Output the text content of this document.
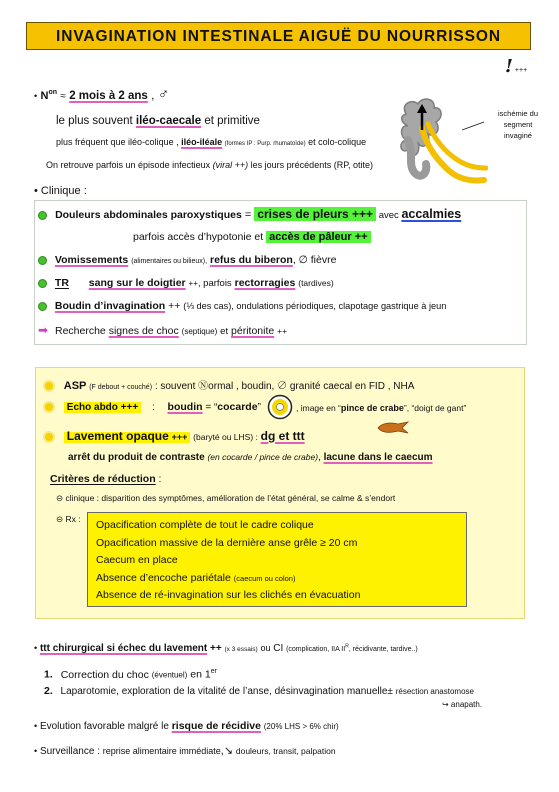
INVAGINATION INTESTINALE AIGUË DU NOURRISSON
! +++
• $N^{on} \approx 2$ mois à 2 ans , ♂
le plus souvent iléo-caecale et primitive
plus fréquent que iléo-colique , iléo-iléale (formes IP : Purp. rhumatoïde) et colo-colique
On retrouve parfois un épisode infectieux (viral ++) les jours précédents (RP, otite)
ischémie du
segment
invaginé
• Clinique :
Douleurs abdominales paroxystiques = crises de pleurs +++ avec accalmies
parfois accès d’hypotonie et accès de pâleur ++
Vomissements (alimentaires ou bilieux), refus du biberon, ∅ fièvre
TR sang sur le doigtier ++, parfois rectorragies (tardives)
Boudin d’invagination ++ (⅓ des cas), ondulations périodiques, clapotage gastrique à jeun
➡ Recherche signes de choc (septique) et péritonite ++
ASP (F debout + couché) : souvent Ⓝormal , boudin, ∅ granité caecal en FID , NHA
Echo abdo +++ : boudin = “cocarde”	, image en “pince de crabe”, “doigt de gant”
Lavement opaque +++ (baryté ou LHS) : dg et ttt
arrêt du produit de contraste (en cocarde / pince de crabe), lacune dans le caecum
Critères de réduction :
⊝ clinique : disparition des symptômes, amélioration de l’état général, se calme & s’endort
⊝ Rx : Opacification complète de tout le cadre colique
Opacification massive de la dernière anse grêle ≥ 20 cm
Caecum en place
Absence d’encoche pariétale (caecum ou colon)
Absence de ré-invagination sur les clichés en évacuation
• ttt chirurgical si échec du lavement ++ (x 3 essais) ou CI (complication, IIA $II^R$, récidivante, tardive..)
1. Correction du choc (éventuel) en 1er
2. Laparotomie, exploration de la vitalité de l’anse, désinvagination manuelle± résection anastomose
↪ anapath.
• Evolution favorable malgré le risque de récidive (20% LHS > 6% chir)
• Surveillance : reprise alimentaire immédiate,↘ douleurs, transit, palpation
